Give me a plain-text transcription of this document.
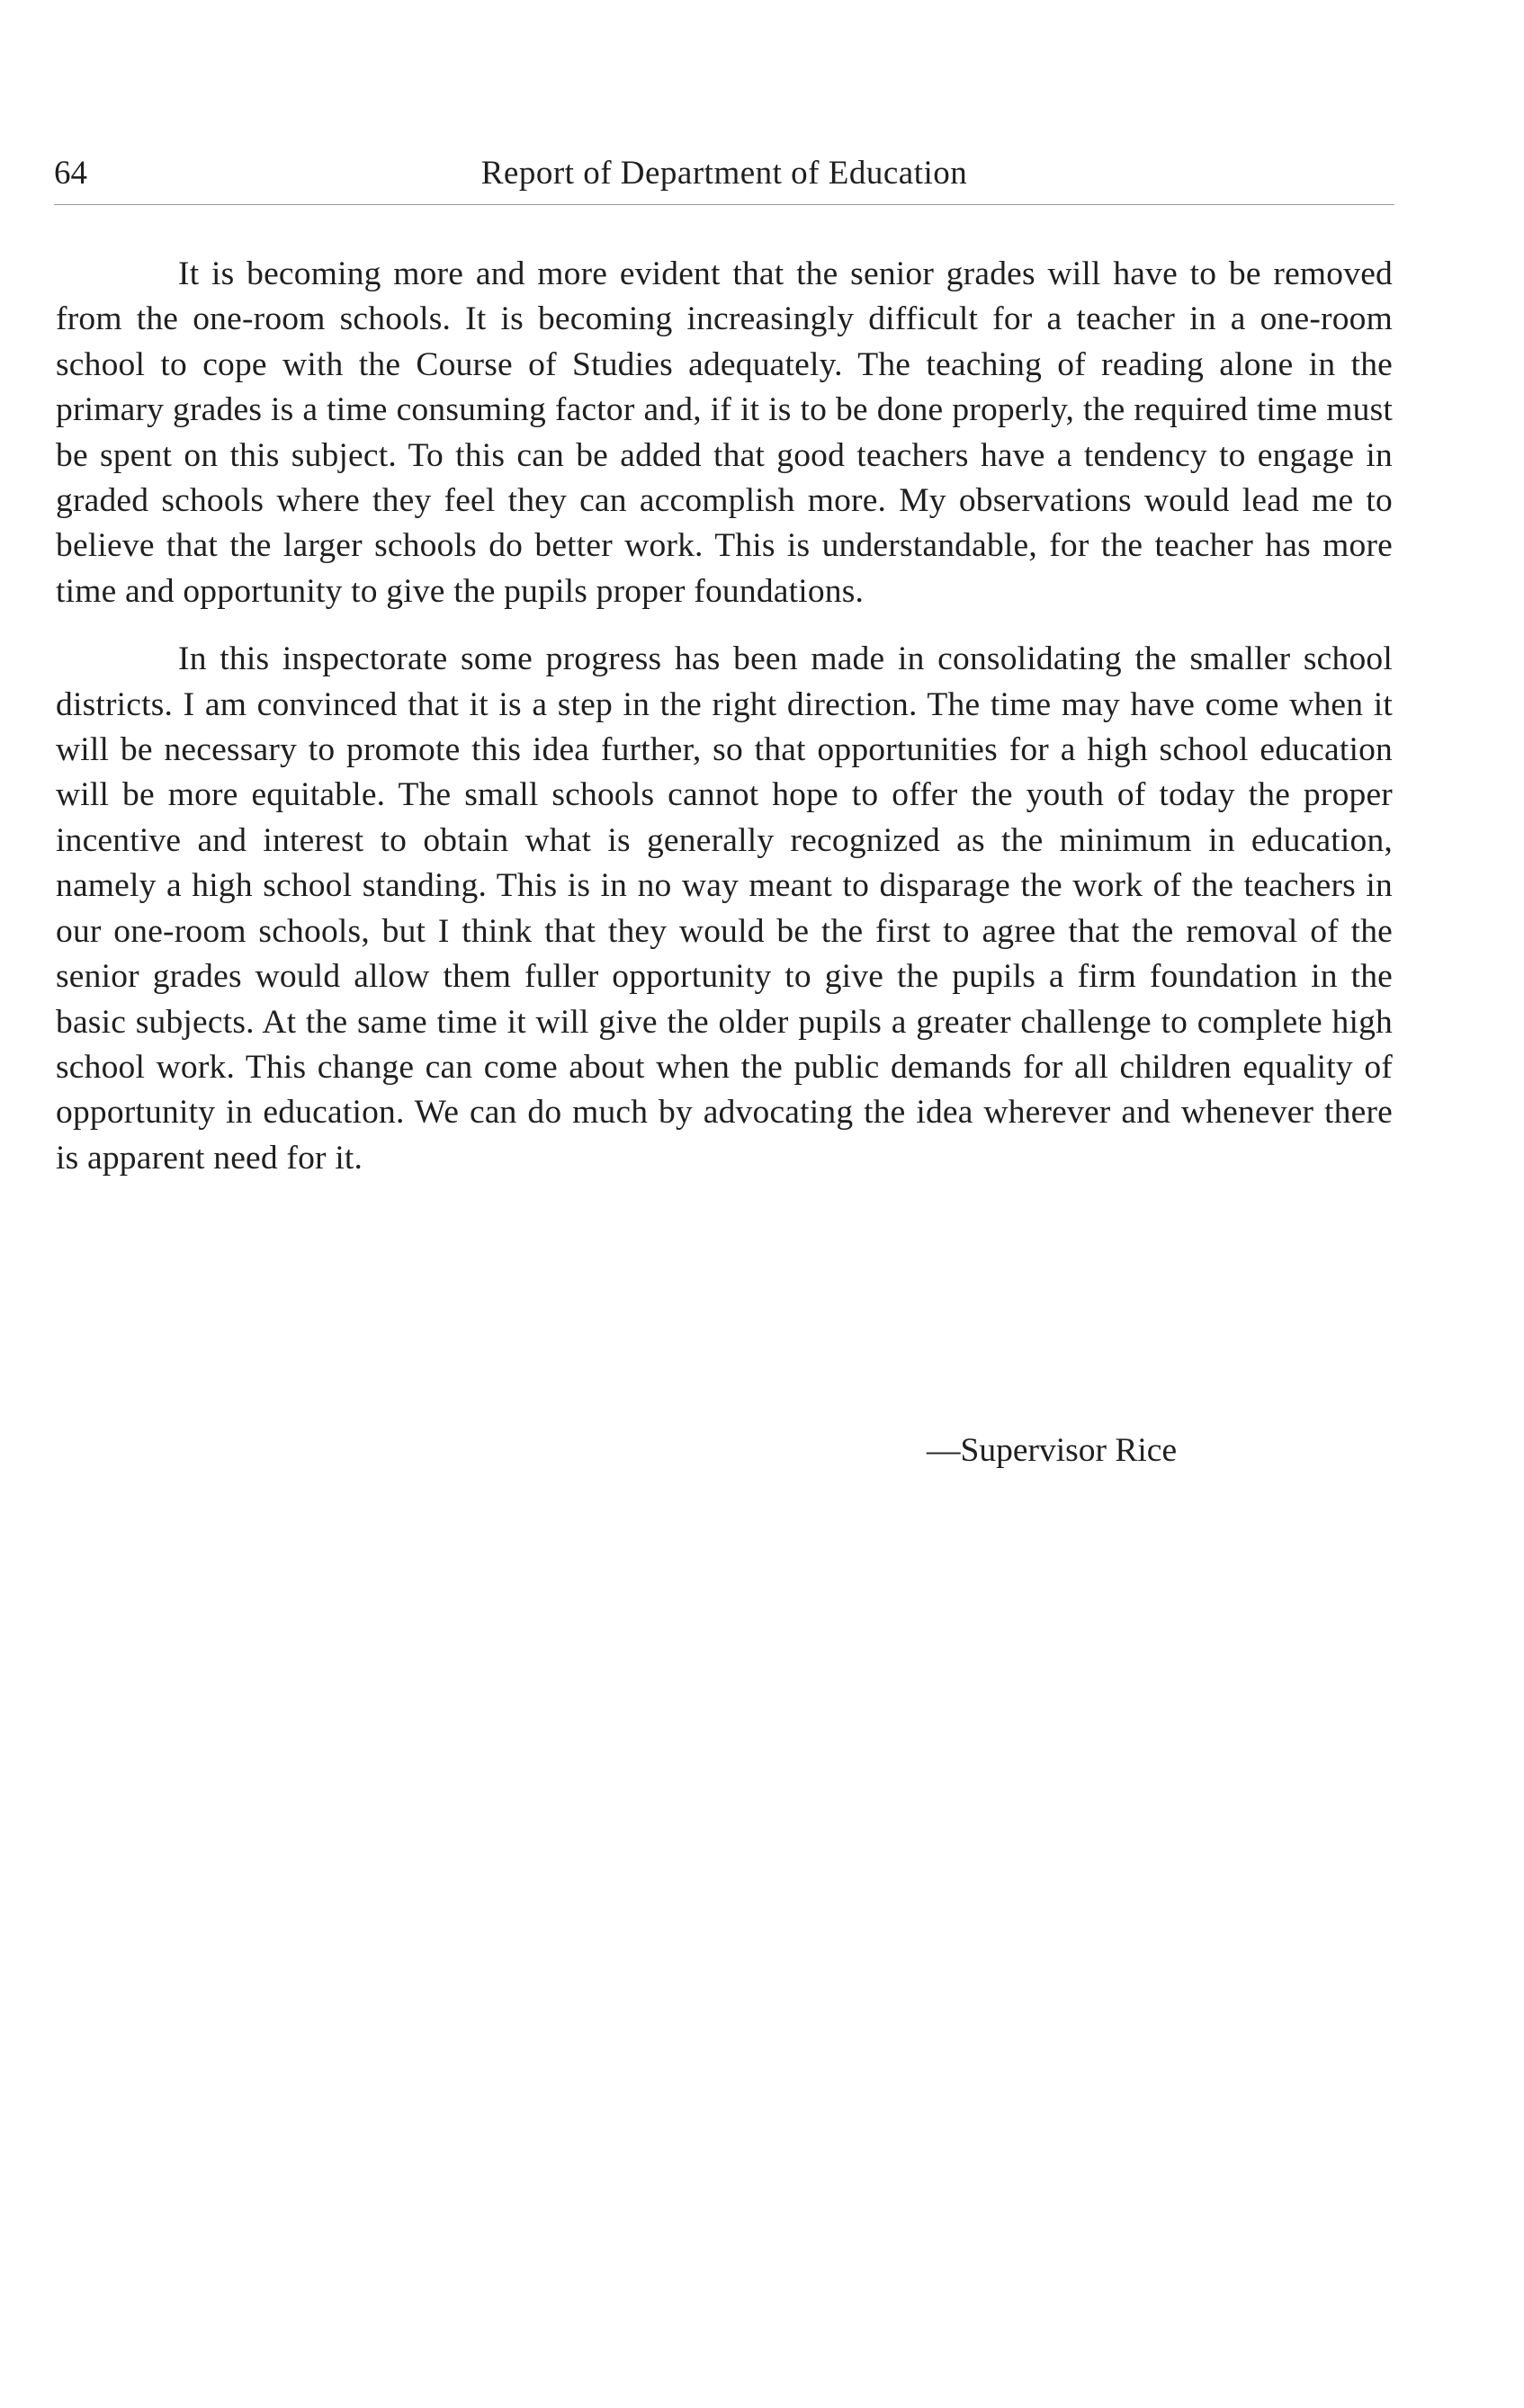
64	Report of Department of Education

It is becoming more and more evident that the senior grades will have to be removed from the one-room schools. It is becoming increasingly difficult for a teacher in a one-room school to cope with the Course of Studies adequately. The teaching of reading alone in the primary grades is a time consuming factor and, if it is to be done properly, the required time must be spent on this subject. To this can be added that good teachers have a tendency to engage in graded schools where they feel they can accomplish more. My observations would lead me to believe that the larger schools do better work. This is understandable, for the teacher has more time and opportunity to give the pupils proper foundations.

In this inspectorate some progress has been made in consolidating the smaller school districts. I am convinced that it is a step in the right direction. The time may have come when it will be necessary to promote this idea further, so that opportunities for a high school education will be more equitable. The small schools cannot hope to offer the youth of today the proper incentive and interest to obtain what is generally recognized as the minimum in education, namely a high school standing. This is in no way meant to disparage the work of the teachers in our one-room schools, but I think that they would be the first to agree that the removal of the senior grades would allow them fuller opportunity to give the pupils a firm foundation in the basic subjects. At the same time it will give the older pupils a greater challenge to complete high school work. This change can come about when the public demands for all children equality of opportunity in education. We can do much by advocating the idea wherever and whenever there is apparent need for it.

—Supervisor Rice
